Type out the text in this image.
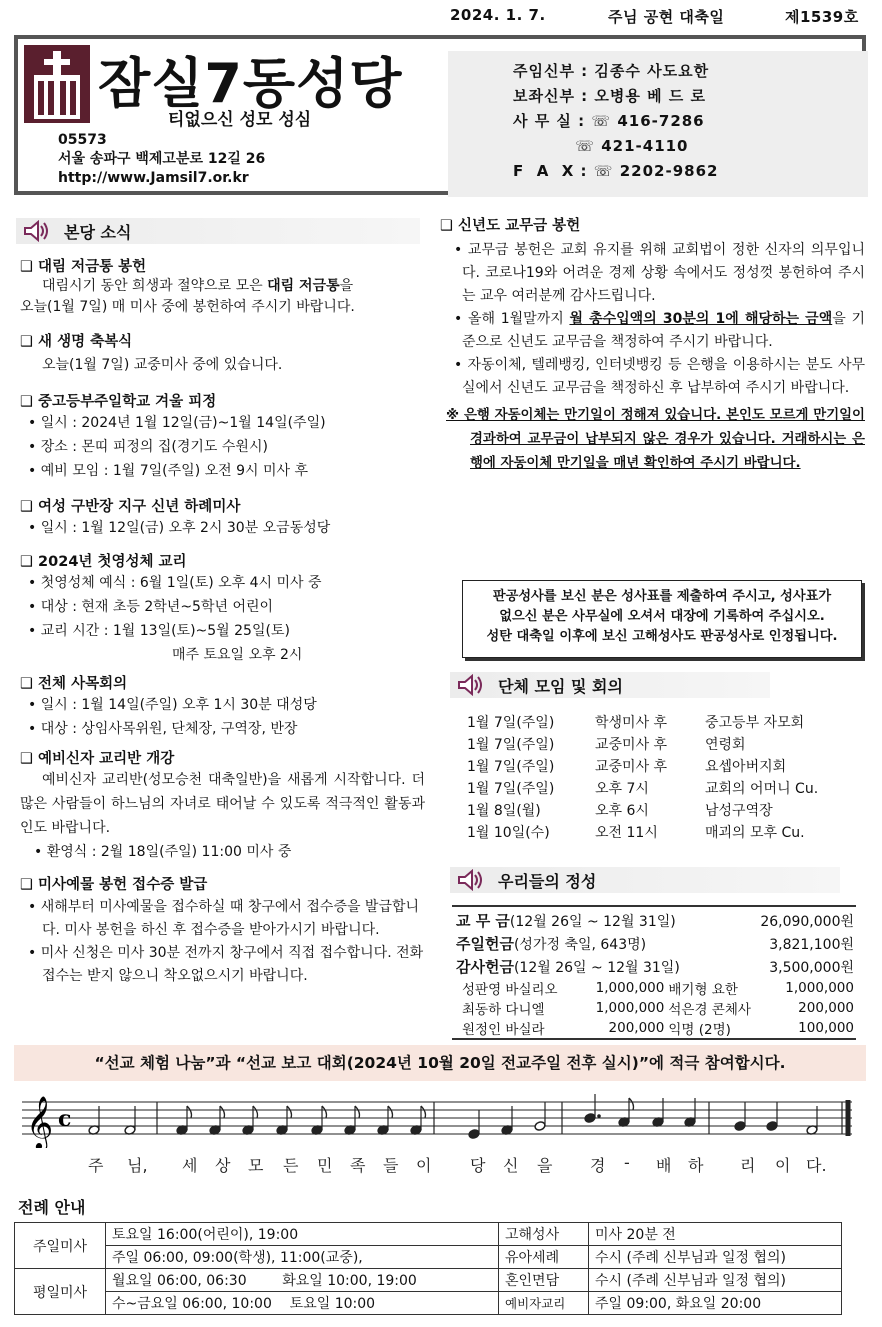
2024. 1. 7.	주님 공현 대축일	제1539호
잠실7동성당
티없으신 성모 성심
05573
서울 송파구 백제고분로 12길 26
http://www.Jamsil7.or.kr
주임신부 : 김종수 사도요한
보좌신부 : 오병용 베 드 로
사 무 실 : ☏ 416-7286
☏ 421-4110
F  A  X : ☏ 2202-9862
본당 소식

❑ 대림 저금통 봉헌

대림시기 동안 희생과 절약으로 모은 대림 저금통을

오늘(1월 7일) 매 미사 중에 봉헌하여 주시기 바랍니다.

❑ 새 생명 축복식

오늘(1월 7일) 교중미사 중에 있습니다.

❑ 중고등부주일학교 겨울 피정

• 일시 : 2024년 1월 12일(금)~1월 14일(주일)

• 장소 : 몬띠 피정의 집(경기도 수원시)

• 예비 모임 : 1월 7일(주일) 오전 9시 미사 후

❑ 여성 구반장 지구 신년 하례미사

• 일시 : 1월 12일(금) 오후 2시 30분 오금동성당

❑ 2024년 첫영성체 교리

• 첫영성체 예식 : 6월 1일(토) 오후 4시 미사 중

• 대상 : 현재 초등 2학년~5학년 어린이

• 교리 시간 : 1월 13일(토)~5월 25일(토)

매주 토요일 오후 2시

❑ 전체 사목회의

• 일시 : 1월 14일(주일) 오후 1시 30분 대성당

• 대상 : 상임사목위원, 단체장, 구역장, 반장

❑ 예비신자 교리반 개강

예비신자 교리반(성모승천 대축일반)을 새롭게 시작합니다. 더 많은 사람들이 하느님의 자녀로 태어날 수 있도록 적극적인 활동과 인도 바랍니다.

• 환영식 : 2월 18일(주일) 11:00 미사 중

❑ 미사예물 봉헌 접수증 발급

• 새해부터 미사예물을 접수하실 때 창구에서 접수증을 발급합니다. 미사 봉헌을 하신 후 접수증을 받아가시기 바랍니다.

• 미사 신청은 미사 30분 전까지 창구에서 직접 접수합니다. 전화 접수는 받지 않으니 착오없으시기 바랍니다.

❑ 신년도 교무금 봉헌

• 교무금 봉헌은 교회 유지를 위해 교회법이 정한 신자의 의무입니다. 코로나19와 어려운 경제 상황 속에서도 정성껏 봉헌하여 주시는 교우 여러분께 감사드립니다.

• 올해 1월말까지 월 총수입액의 30분의 1에 해당하는 금액을 기준으로 신년도 교무금을 책정하여 주시기 바랍니다.

• 자동이체, 텔레뱅킹, 인터넷뱅킹 등 은행을 이용하시는 분도 사무실에서 신년도 교무금을 책정하신 후 납부하여 주시기 바랍니다.

※ 은행 자동이체는 만기일이 정해져 있습니다. 본인도 모르게 만기일이 경과하여 교무금이 납부되지 않은 경우가 있습니다. 거래하시는 은행에 자동이체 만기일을 매년 확인하여 주시기 바랍니다.

판공성사를 보신 분은 성사표를 제출하여 주시고, 성사표가
없으신 분은 사무실에 오셔서 대장에 기록하여 주십시오.
성탄 대축일 이후에 보신 고해성사도 판공성사로 인정됩니다.
단체 모임 및 회의
1월 7일(주일)	학생미사 후	중고등부 자모회
1월 7일(주일)	교중미사 후	연령회
1월 7일(주일)	교중미사 후	요셉아버지회
1월 7일(주일)	오후 7시	교회의 어머니 Cu.
1월 8일(월)	오후 6시	남성구역장
1월 10일(수)	오전 11시	매괴의 모후 Cu.
우리들의 정성
교 무 금(12월 26일 ~ 12월 31일)	26,090,000원
주일헌금(성가정 축일, 643명)	3,821,100원
감사헌금(12월 26일 ~ 12월 31일)	3,500,000원
성판영 바실리오	1,000,000	배기형 요한	1,000,000
최동하 다니엘	1,000,000	석은경 콘체사	200,000
원정인 바실라	200,000	익명 (2명)	100,000
“선교 체험 나눔”과 “선교 보고 대회(2024년 10월 20일 전교주일 전후 실시)”에 적극 참여합시다.
𝄞 c
주 님, 세 상 모 든 민 족 들 이 당 신 을 경 - 배 하 리 이 다.
전례 안내
주일미사	토요일 16:00(어린이), 19:00	고해성사	미사 20분 전
	주일 06:00, 09:00(학생), 11:00(교중),	유아세례	수시 (주례 신부님과 일정 협의)
평일미사	월요일 06:00, 06:30        화요일 10:00, 19:00	혼인면담	수시 (주례 신부님과 일정 협의)
	수~금요일 06:00, 10:00    토요일 10:00	예비자교리	주일 09:00, 화요일 20:00
